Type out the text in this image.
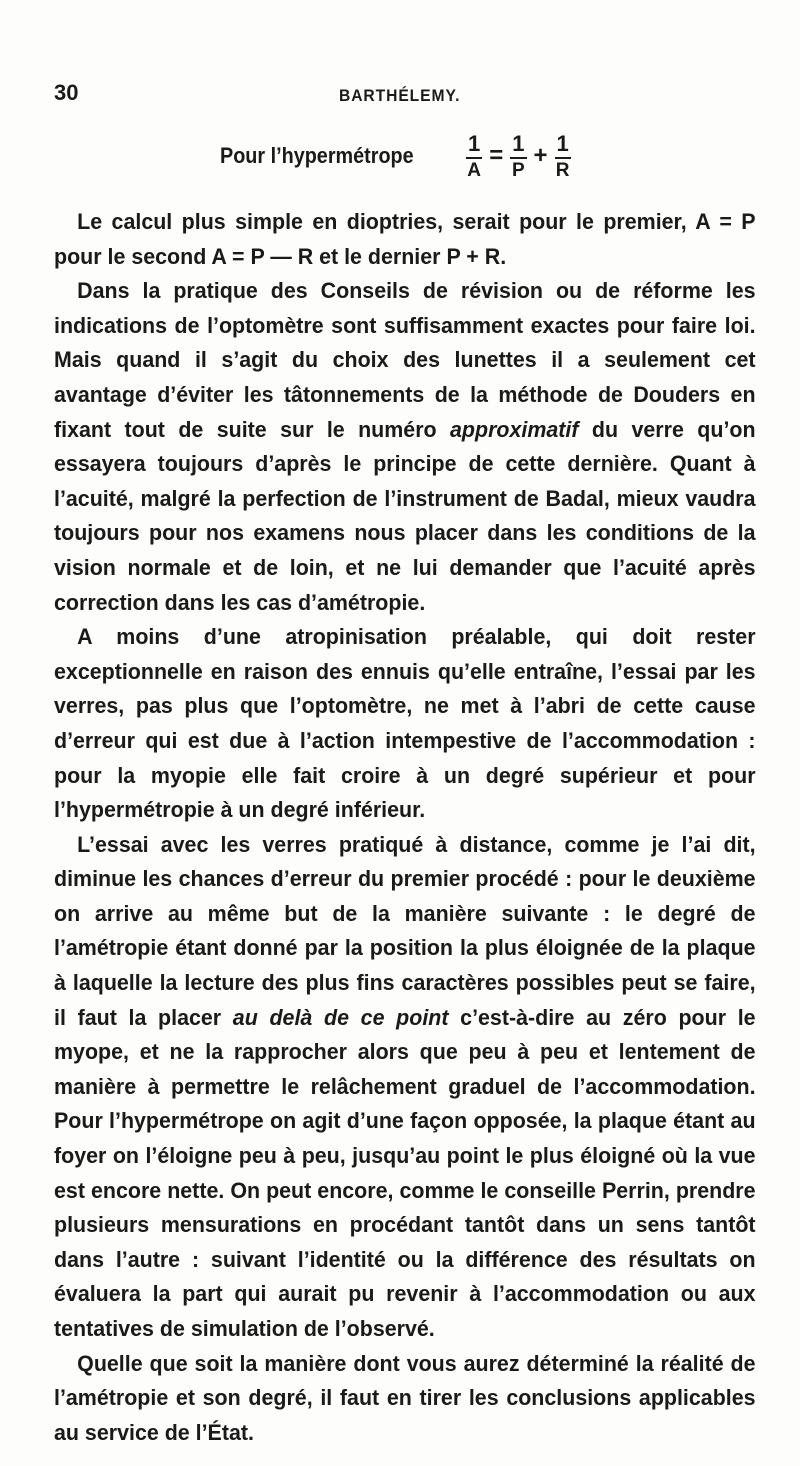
30	BARTHÉLEMY.
Pour l’hypermétrope	$\frac{1}{A} = \frac{1}{P} + \frac{1}{R}$

Le calcul plus simple en dioptries, serait pour le premier, A = P pour le second A = P — R et le dernier P + R.

Dans la pratique des Conseils de révision ou de réforme les indications de l’optomètre sont suffisamment exactes pour faire loi. Mais quand il s’agit du choix des lunettes il a seulement cet avantage d’éviter les tâtonnements de la méthode de Douders en fixant tout de suite sur le numéro approximatif du verre qu’on essayera toujours d’après le principe de cette dernière. Quant à l’acuité, malgré la perfection de l’instrument de Badal, mieux vaudra toujours pour nos examens nous placer dans les conditions de la vision normale et de loin, et ne lui demander que l’acuité après correction dans les cas d’amétropie.

A moins d’une atropinisation préalable, qui doit rester exceptionnelle en raison des ennuis qu’elle entraîne, l’essai par les verres, pas plus que l’optomètre, ne met à l’abri de cette cause d’erreur qui est due à l’action intempestive de l’accommodation : pour la myopie elle fait croire à un degré supérieur et pour l’hypermétropie à un degré inférieur.

L’essai avec les verres pratiqué à distance, comme je l’ai dit, diminue les chances d’erreur du premier procédé : pour le deuxième on arrive au même but de la manière suivante : le degré de l’amétropie étant donné par la position la plus éloignée de la plaque à laquelle la lecture des plus fins caractères possibles peut se faire, il faut la placer au delà de ce point c’est-à-dire au zéro pour le myope, et ne la rapprocher alors que peu à peu et lentement de manière à permettre le relâchement graduel de l’accommodation. Pour l’hypermétrope on agit d’une façon opposée, la plaque étant au foyer on l’éloigne peu à peu, jusqu’au point le plus éloigné où la vue est encore nette. On peut encore, comme le conseille Perrin, prendre plusieurs mensurations en procédant tantôt dans un sens tantôt dans l’autre : suivant l’identité ou la différence des résultats on évaluera la part qui aurait pu revenir à l’accommodation ou aux tentatives de simulation de l’observé.

Quelle que soit la manière dont vous aurez déterminé la réalité de l’amétropie et son degré, il faut en tirer les conclusions applicables au service de l’État.
